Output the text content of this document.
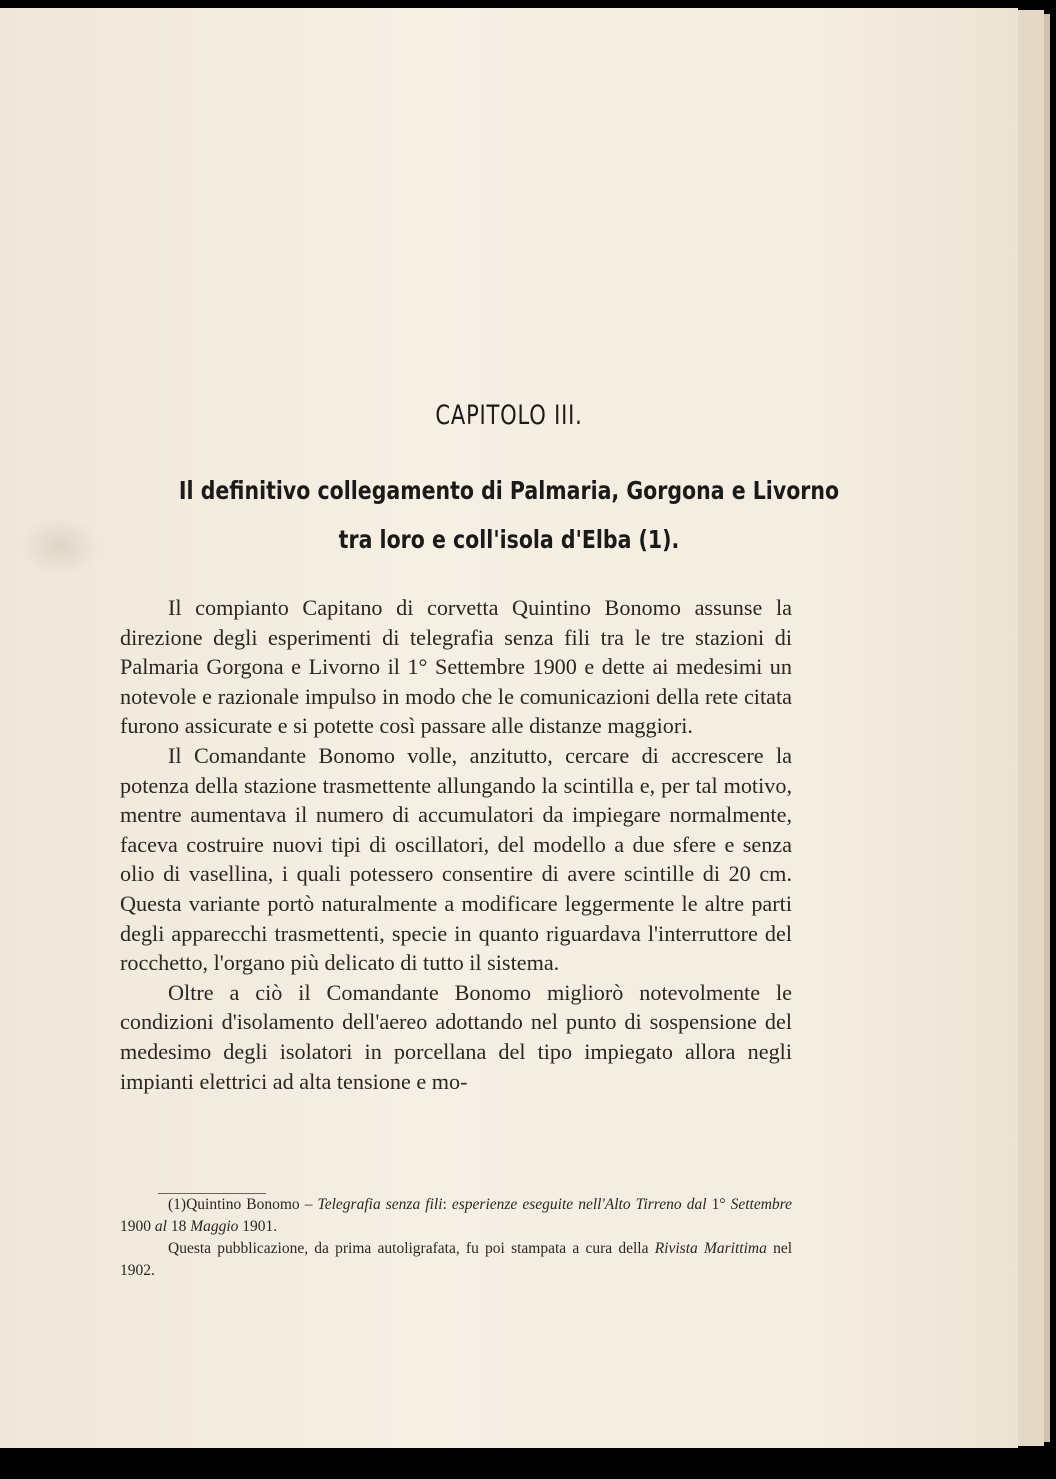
CAPITOLO III.
Il definitivo collegamento di Palmaria, Gorgona e Livorno
tra loro e coll'isola d'Elba (1).

Il compianto Capitano di corvetta Quintino Bonomo assunse la direzione degli esperimenti di telegrafia senza fili tra le tre stazioni di Palmaria Gorgona e Livorno il 1° Settembre 1900 e dette ai medesimi un notevole e razionale impulso in modo che le comunicazioni della rete citata furono assicurate e si potette così passare alle distanze maggiori.

Il Comandante Bonomo volle, anzitutto, cercare di accrescere la potenza della stazione trasmettente allungando la scintilla e, per tal motivo, mentre aumentava il numero di accumulatori da impiegare normalmente, faceva costruire nuovi tipi di oscillatori, del modello a due sfere e senza olio di vasellina, i quali potessero consentire di avere scintille di 20 cm. Questa variante portò naturalmente a modificare leggermente le altre parti degli apparecchi trasmettenti, specie in quanto riguardava l'interruttore del rocchetto, l'organo più delicato di tutto il sistema.

Oltre a ciò il Comandante Bonomo migliorò notevolmente le condizioni d'isolamento dell'aereo adottando nel punto di sospensione del medesimo degli isolatori in porcellana del tipo impiegato allora negli impianti elettrici ad alta tensione e mo-

(1)Quintino Bonomo – Telegrafia senza fili: esperienze eseguite nell'Alto Tirreno dal 1° Settembre 1900 al 18 Maggio 1901.

Questa pubblicazione, da prima autoligrafata, fu poi stampata a cura della Rivista Marittima nel 1902.
